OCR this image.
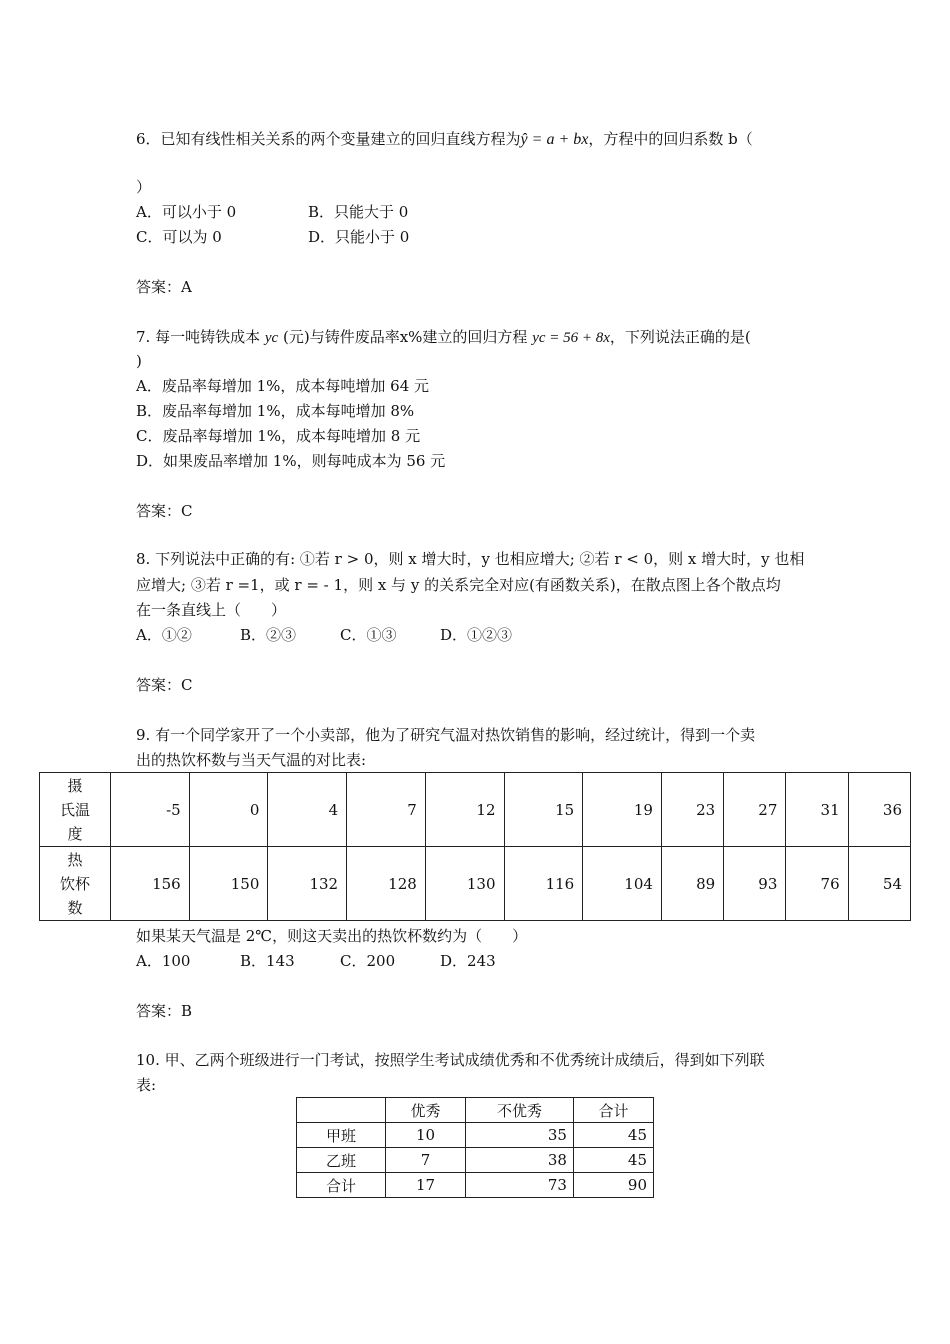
6．已知有线性相关关系的两个变量建立的回归直线方程为ŷ = a + bx，方程中的回归系数 b（
）
A．可以小于 0	B．只能大于 0
C．可以为 0	D．只能小于 0
答案：A
7. 每一吨铸铁成本 yc (元)与铸件废品率x%建立的回归方程 yc = 56 + 8x，下列说法正确的是(
)
A．废品率每增加 1%，成本每吨增加 64 元
B．废品率每增加 1%，成本每吨增加 8%
C．废品率每增加 1%，成本每吨增加 8 元
D．如果废品率增加 1%，则每吨成本为 56 元
答案：C
8. 下列说法中正确的有: ①若 r > 0，则 x 增大时，y 也相应增大; ②若 r < 0，则 x 增大时，y 也相
应增大; ③若 r =1，或 r = - 1，则 x 与 y 的关系完全对应(有函数关系)，在散点图上各个散点均
在一条直线上（　　）
A．①②	B．②③	C．①③	D．①②③
答案：C
9. 有一个同学家开了一个小卖部，他为了研究气温对热饮销售的影响，经过统计，得到一个卖
出的热饮杯数与当天气温的对比表:
摄
氏温
度	-5	0	4	7	12	15	19	23	27	31	36

热
饮杯
数	156	150	132	128	130	116	104	89	93	76	54
如果某天气温是 2℃，则这天卖出的热饮杯数约为（　　）
A．100	B．143	C．200	D．243
答案：B
10. 甲、乙两个班级进行一门考试，按照学生考试成绩优秀和不优秀统计成绩后，得到如下列联
表:
	优秀	不优秀	合计
甲班	10	35	45
乙班	7	38	45
合计	17	73	90
